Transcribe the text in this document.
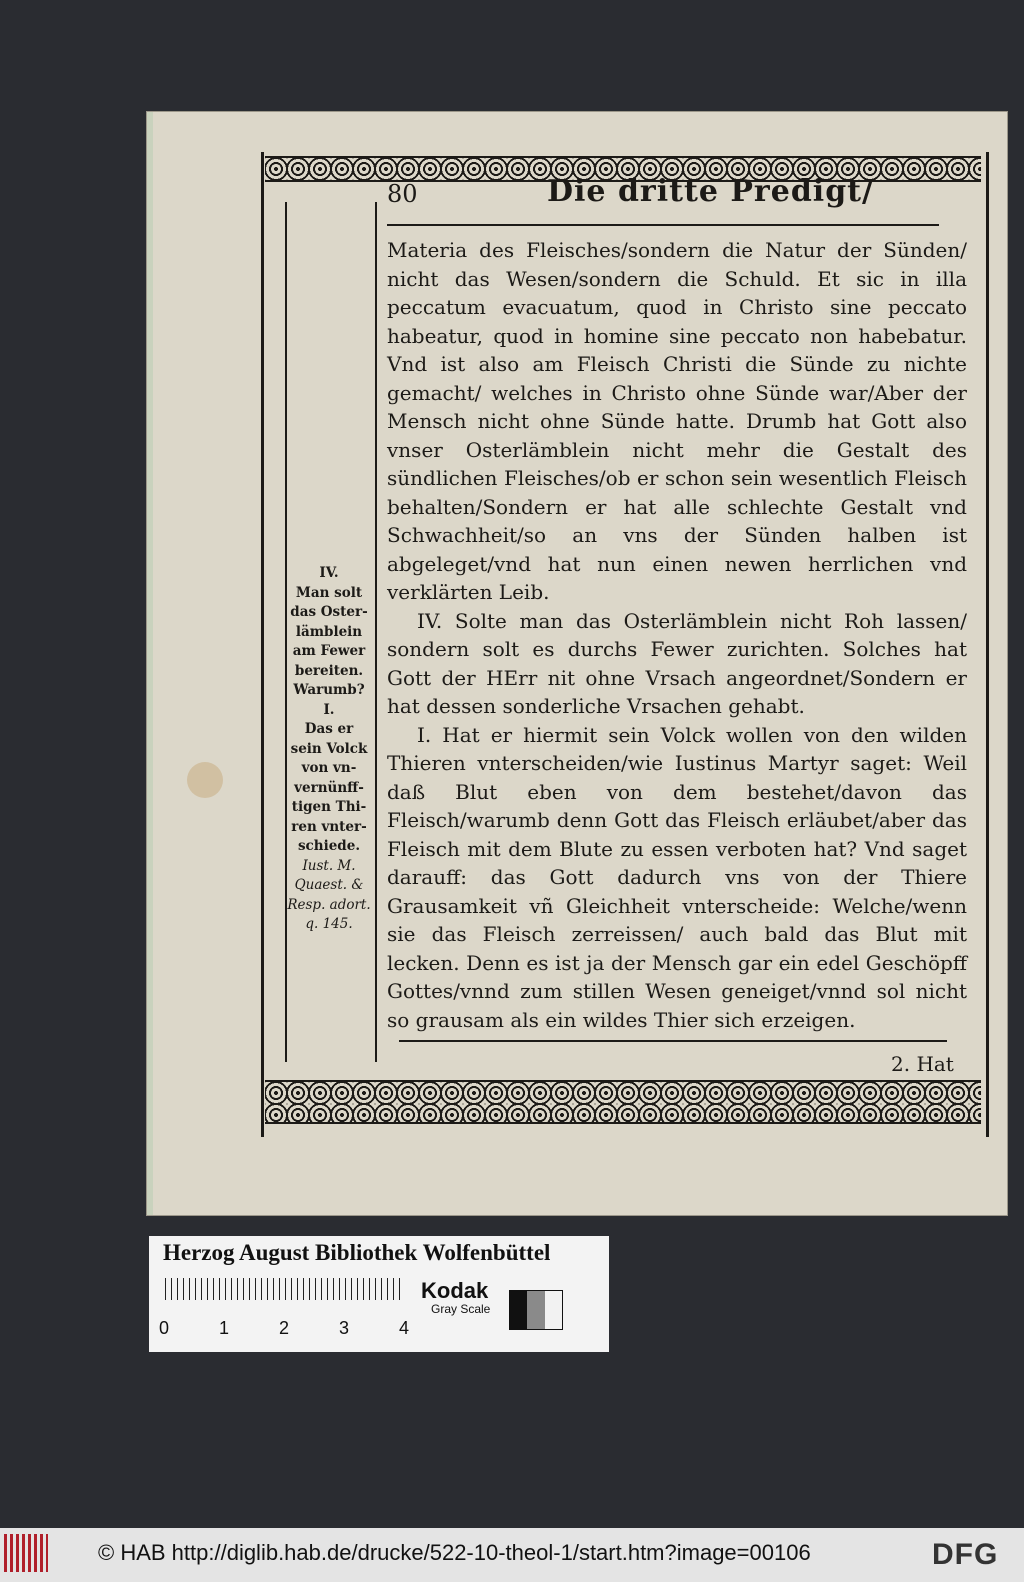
80	Die dritte Predigt/
IV.
Man solt
das Oster-
lämblein
am Fewer
bereiten.
Warumb?
I.
Das er
sein Volck
von vn-
vernünff-
tigen Thi-
ren vnter-
schiede.
Iust. M.
Quaest. &
Resp. adort.
q. 145.

Materia des Fleisches/sondern die Natur der Sünden/ nicht das Wesen/sondern die Schuld. Et sic in illa peccatum evacuatum, quod in Christo sine peccato habeatur, quod in homine sine peccato non habebatur. Vnd ist also am Fleisch Christi die Sünde zu nichte gemacht/ welches in Christo ohne Sünde war/Aber der Mensch nicht ohne Sünde hatte. Drumb hat Gott also vnser Osterlämblein nicht mehr die Gestalt des sündlichen Fleisches/ob er schon sein wesentlich Fleisch behalten/Sondern er hat alle schlechte Gestalt vnd Schwachheit/so an vns der Sünden halben ist abgeleget/vnd hat nun einen newen herrlichen vnd verklärten Leib.

IV. Solte man das Osterlämblein nicht Roh lassen/ sondern solt es durchs Fewer zurichten. Solches hat Gott der HErr nit ohne Vrsach angeordnet/Sondern er hat dessen sonderliche Vrsachen gehabt.

I. Hat er hiermit sein Volck wollen von den wilden Thieren vnterscheiden/wie Iustinus Martyr saget: Weil daß Blut eben von dem bestehet/davon das Fleisch/warumb denn Gott das Fleisch erläubet/aber das Fleisch mit dem Blute zu essen verboten hat? Vnd saget darauff: das Gott dadurch vns von der Thiere Grausamkeit vñ Gleichheit vnterscheide: Welche/wenn sie das Fleisch zerreissen/ auch bald das Blut mit lecken. Denn es ist ja der Mensch gar ein edel Geschöpff Gottes/vnnd zum stillen Wesen geneiget/vnnd sol nicht so grausam als ein wildes Thier sich erzeigen.

2. Hat
Herzog August Bibliothek Wolfenbüttel
0	1	2	3	4
Kodak
Gray Scale
© HAB http://diglib.hab.de/drucke/522-10-theol-1/start.htm?image=00106	DFG
